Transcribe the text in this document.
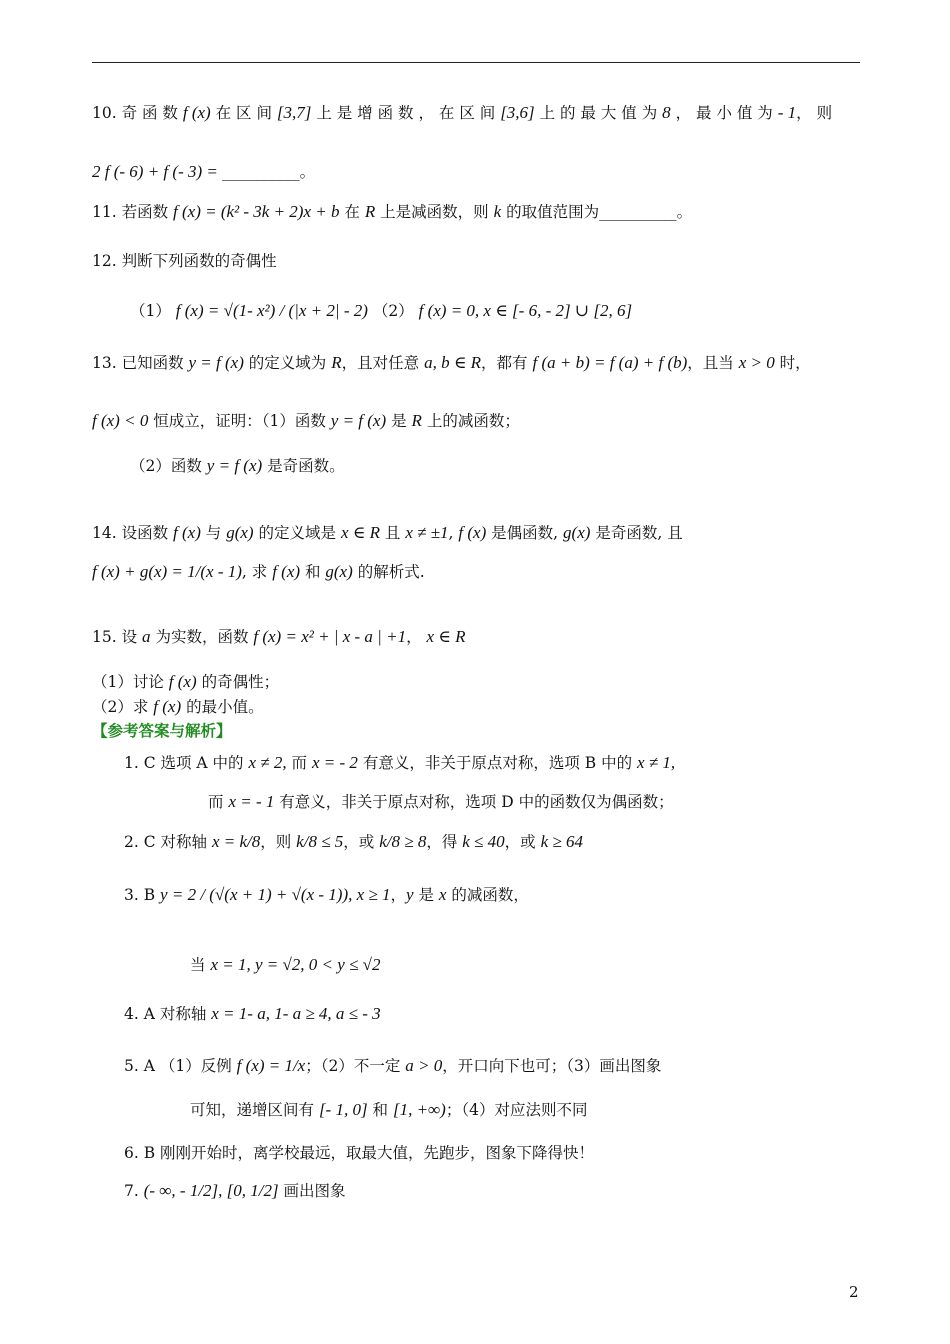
10. 奇 函 数 f (x) 在 区 间 [3,7] 上 是 增 函 数 ， 在 区 间 [3,6] 上 的 最 大 值 为 8 ， 最 小 值 为 - 1， 则
2 f (- 6) + f (- 3) = __________。
11. 若函数 f (x) = (k² - 3k + 2)x + b 在 R 上是减函数，则 k 的取值范围为__________。
12. 判断下列函数的奇偶性
（1） f (x) = √(1- x²) / (|x + 2| - 2) （2） f (x) = 0, x ∈ [- 6, - 2] ∪ [2, 6]
13. 已知函数 y = f (x) 的定义域为 R，且对任意 a, b ∈ R，都有 f (a + b) = f (a) + f (b)，且当 x > 0 时，
f (x) < 0 恒成立，证明：（1）函数 y = f (x) 是 R 上的减函数；
（2）函数 y = f (x) 是奇函数。
14. 设函数 f (x) 与 g(x) 的定义域是 x ∈ R 且 x ≠ ±1, f (x) 是偶函数, g(x) 是奇函数, 且
f (x) + g(x) = 1/(x - 1), 求 f (x) 和 g(x) 的解析式.
15. 设 a 为实数，函数 f (x) = x² + | x - a | +1， x ∈ R
（1）讨论 f (x) 的奇偶性；
（2）求 f (x) 的最小值。
【参考答案与解析】
1. C 选项 A 中的 x ≠ 2, 而 x = - 2 有意义，非关于原点对称，选项 B 中的 x ≠ 1,
而 x = - 1 有意义，非关于原点对称，选项 D 中的函数仅为偶函数；
2. C 对称轴 x = k/8，则 k/8 ≤ 5，或 k/8 ≥ 8，得 k ≤ 40，或 k ≥ 64
3. B y = 2 / (√(x + 1) + √(x - 1)), x ≥ 1，y 是 x 的减函数，
当 x = 1, y = √2, 0 < y ≤ √2
4. A 对称轴 x = 1- a, 1- a ≥ 4, a ≤ - 3
5. A （1）反例 f (x) = 1/x；（2）不一定 a > 0，开口向下也可；（3）画出图象
可知，递增区间有 [- 1, 0] 和 [1, +∞)；（4）对应法则不同
6. B 刚刚开始时，离学校最远，取最大值，先跑步，图象下降得快！
7. (- ∞, - 1/2], [0, 1/2] 画出图象
2
